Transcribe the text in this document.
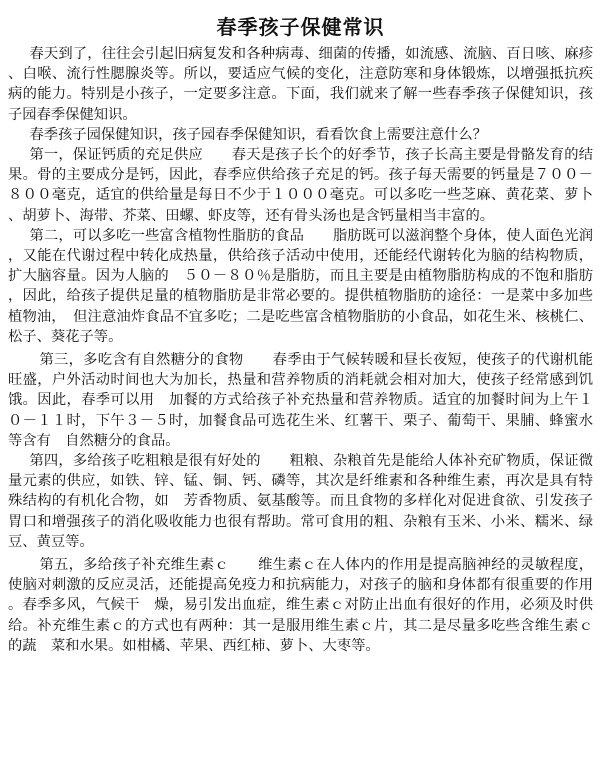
春季孩子保健常识

春天到了，往往会引起旧病复发和各种病毒、细菌的传播，如流感、流脑、百日咳、麻疹、白喉、流行性腮腺炎等。所以，要适应气候的变化，注意防寒和身体锻炼，以增强抵抗疾病的能力。特别是小孩子，一定要多注意。下面，我们就来了解一些春季孩子保健知识，孩子园春季保健知识。

春季孩子园保健知识，孩子园春季保健知识，看看饮食上需要注意什么？

第一，保证钙质的充足供应　　春天是孩子长个的好季节，孩子长高主要是骨骼发育的结果。骨的主要成分是钙，因此，春季应供给孩子充足的钙。孩子每天需要的钙量是７００－８００毫克，适宜的供给量是每日不少于１０００毫克。可以多吃一些芝麻、黄花菜、萝卜、胡萝卜、海带、芥菜、田螺、虾皮等，还有骨头汤也是含钙量相当丰富的。

第二，可以多吃一些富含植物性脂肪的食品　　脂肪既可以滋润整个身体，使人面色光润，又能在代谢过程中转化成热量，供给孩子活动中使用，还能经代谢转化为脑的结构物质，扩大脑容量。因为人脑的　５０－８０％是脂肪，而且主要是由植物脂肪构成的不饱和脂肪，因此，给孩子提供足量的植物脂肪是非常必要的。提供植物脂肪的途径：一是菜中多加些植物油，　但注意油炸食品不宜多吃；二是吃些富含植物脂肪的小食品，如花生米、核桃仁、松子、葵花子等。

第三，多吃含有自然糖分的食物　　春季由于气候转暖和昼长夜短，使孩子的代谢机能旺盛，户外活动时间也大为加长，热量和营养物质的消耗就会相对加大，使孩子经常感到饥饿。因此，春季可以用　加餐的方式给孩子补充热量和营养物质。适宜的加餐时间为上午１０－１１时，下午３－５时，加餐食品可选花生米、红薯干、栗子、葡萄干、果脯、蜂蜜水等含有　自然糖分的食品。

第四，多给孩子吃粗粮是很有好处的　　粗粮、杂粮首先是能给人体补充矿物质，保证微量元素的供应，如铁、锌、锰、铜、钙、磷等，其次是纤维素和各种维生素，再次是具有特殊结构的有机化合物，如　芳香物质、氨基酸等。而且食物的多样化对促进食欲、引发孩子胃口和增强孩子的消化吸收能力也很有帮助。常可食用的粗、杂粮有玉米、小米、糯米、绿豆、黄豆等。

第五，多给孩子补充维生素ｃ　　维生素ｃ在人体内的作用是提高脑神经的灵敏程度，使脑对刺激的反应灵活，还能提高免疫力和抗病能力，对孩子的脑和身体都有很重要的作用。春季多风，气候干　燥，易引发出血症，维生素ｃ对防止出血有很好的作用，必须及时供给。补充维生素ｃ的方式也有两种：其一是服用维生素ｃ片，其二是尽量多吃些含维生素ｃ的蔬　菜和水果。如柑橘、苹果、西红柿、萝卜、大枣等。
